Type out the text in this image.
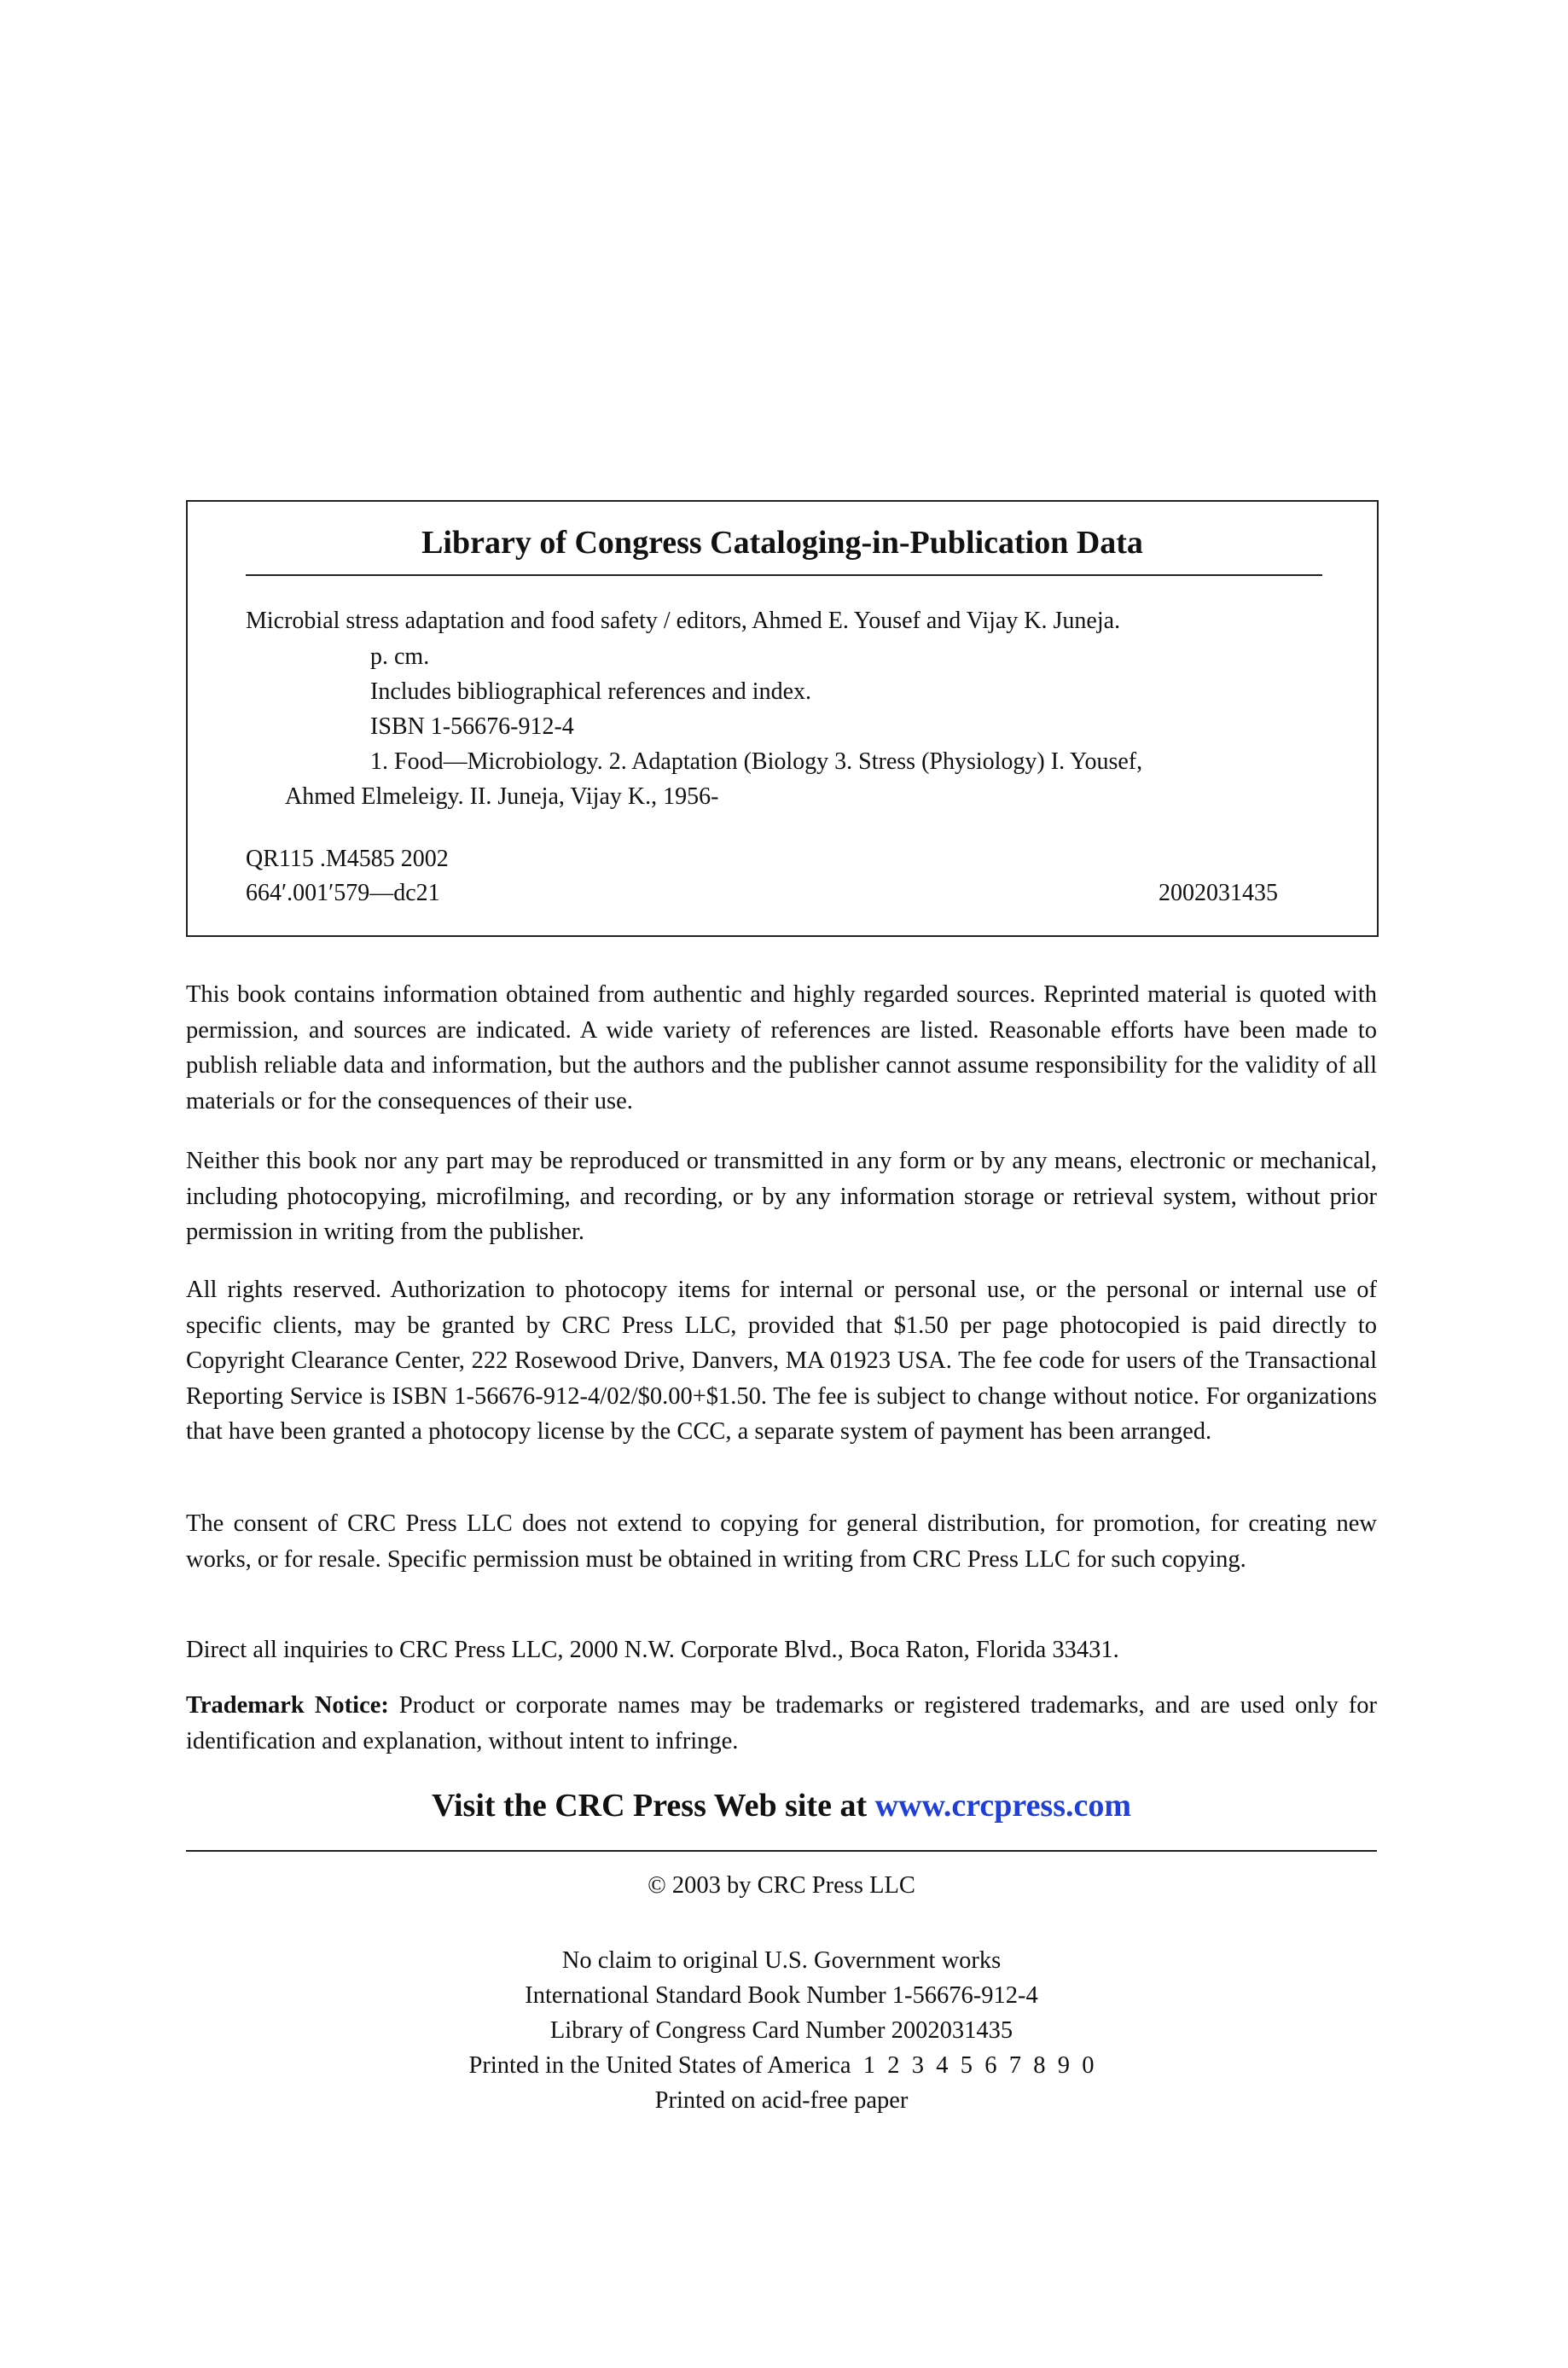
Library of Congress Cataloging-in-Publication Data
Microbial stress adaptation and food safety / editors, Ahmed E. Yousef and Vijay K. Juneja.
p. cm.
Includes bibliographical references and index.
ISBN 1-56676-912-4
1. Food—Microbiology. 2. Adaptation (Biology 3. Stress (Physiology) I. Yousef,
Ahmed Elmeleigy. II. Juneja, Vijay K., 1956-
QR115 .M4585 2002
664′.001′579—dc21	2002031435

This book contains information obtained from authentic and highly regarded sources. Reprinted material is quoted with permission, and sources are indicated. A wide variety of references are listed. Reasonable efforts have been made to publish reliable data and information, but the authors and the publisher cannot assume responsibility for the validity of all materials or for the consequences of their use.

Neither this book nor any part may be reproduced or transmitted in any form or by any means, electronic or mechanical, including photocopying, microfilming, and recording, or by any information storage or retrieval system, without prior permission in writing from the publisher.

All rights reserved. Authorization to photocopy items for internal or personal use, or the personal or internal use of specific clients, may be granted by CRC Press LLC, provided that $1.50 per page photocopied is paid directly to Copyright Clearance Center, 222 Rosewood Drive, Danvers, MA 01923 USA. The fee code for users of the Transactional Reporting Service is ISBN 1-56676-912-4/02/$0.00+$1.50. The fee is subject to change without notice. For organizations that have been granted a photocopy license by the CCC, a separate system of payment has been arranged.

The consent of CRC Press LLC does not extend to copying for general distribution, for promotion, for creating new works, or for resale. Specific permission must be obtained in writing from CRC Press LLC for such copying.

Direct all inquiries to CRC Press LLC, 2000 N.W. Corporate Blvd., Boca Raton, Florida 33431.

Trademark Notice: Product or corporate names may be trademarks or registered trademarks, and are used only for identification and explanation, without intent to infringe.

Visit the CRC Press Web site at www.crcpress.com
© 2003 by CRC Press LLC
No claim to original U.S. Government works
International Standard Book Number 1-56676-912-4
Library of Congress Card Number 2002031435
Printed in the United States of America  1  2  3  4  5  6  7  8  9  0
Printed on acid-free paper
